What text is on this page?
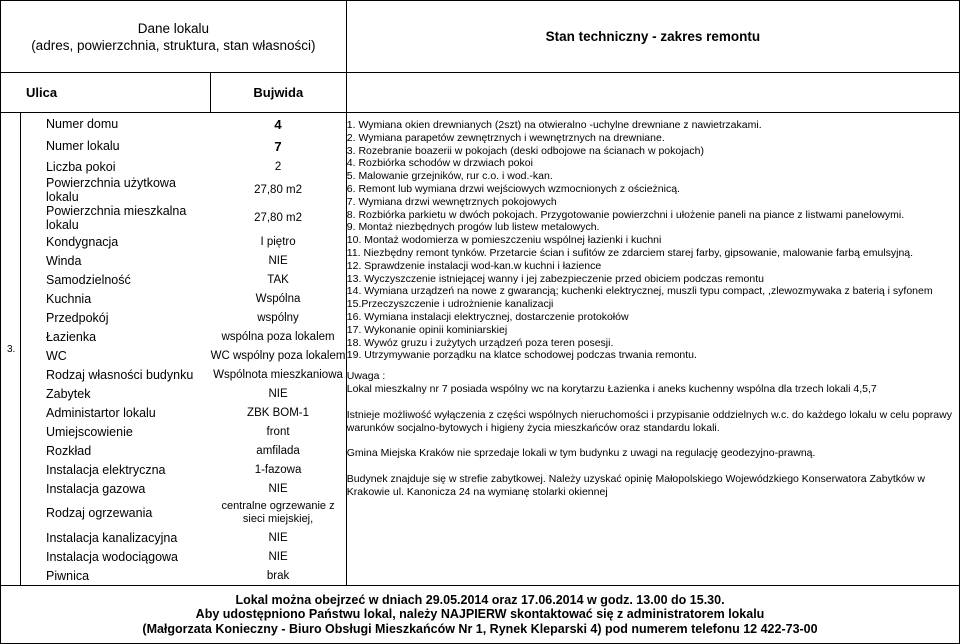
Dane lokalu
(adres, powierzchnia, struktura, stan własności)

Stan techniczny - zakres remontu

Ulica	Bujwida	
3.	
Numer domu	4
Numer lokalu	7
Liczba pokoi	2
Powierzchnia użytkowa lokalu	27,80 m2
Powierzchnia mieszkalna lokalu	27,80 m2
Kondygnacja	I piętro
Winda	NIE
Samodzielność	TAK
Kuchnia	Wspólna
Przedpokój	wspólny
Łazienka	wspólna poza lokalem
WC	WC wspólny poza lokalem
Rodzaj własności budynku	Wspólnota mieszkaniowa
Zabytek	NIE
Administartor lokalu	ZBK BOM-1
Umiejscowienie	front
Rozkład	amfilada
Instalacja elektryczna	1-fazowa
Instalacja gazowa	NIE
Rodzaj ogrzewania	centralne ogrzewanie z sieci miejskiej,
Instalacja kanalizacyjna	NIE
Instalacja wodociągowa	NIE
Piwnica	brak

1. Wymiana okien drewnianych (2szt) na otwieralno -uchylne drewniane z nawietrzakami.
2. Wymiana parapetów zewnętrznych i wewnętrznych na drewniane.
3. Rozebranie boazerii w pokojach (deski odbojowe na ścianach w pokojach)
4. Rozbiórka schodów w drzwiach pokoi
5. Malowanie grzejników, rur c.o. i wod.-kan.
6. Remont lub wymiana drzwi wejściowych wzmocnionych z ościeżnicą.
7. Wymiana drzwi wewnętrznych pokojowych
8. Rozbiórka parkietu w dwóch pokojach. Przygotowanie powierzchni i ułożenie paneli na piance z listwami panelowymi.
9. Montaż niezbędnych progów lub listew metalowych.
10. Montaż wodomierza w pomieszczeniu wspólnej łazienki i kuchni
11. Niezbędny remont tynków. Przetarcie ścian i sufitów ze zdarciem starej farby, gipsowanie, malowanie farbą emulsyjną.
12. Sprawdzenie instalacji wod-kan.w kuchni i łazience
13. Wyczyszczenie istniejącej wanny i jej zabezpieczenie przed obiciem podczas remontu
14. Wymiana urządzeń na nowe z gwarancją; kuchenki elektrycznej, muszli typu compact, ,zlewozmywaka z baterią i syfonem
15.Przeczyszczenie i udrożnienie kanalizacji
16. Wymiana instalacji elektrycznej, dostarczenie protokołów
17. Wykonanie opinii kominiarskiej
18. Wywóz gruzu i zużytych urządzeń poza teren posesji.
19. Utrzymywanie porządku na klatce schodowej podczas trwania remontu.
Uwaga :
Lokal mieszkalny nr 7 posiada wspólny wc na korytarzu Łazienka i aneks kuchenny wspólna dla trzech lokali 4,5,7
Istnieje możliwość wyłączenia z części wspólnych nieruchomości i przypisanie oddzielnych w.c. do każdego lokalu w celu poprawy warunków socjalno-bytowych i higieny życia mieszkańców oraz standardu lokali.
Gmina Miejska Kraków nie sprzedaje lokali w tym budynku z uwagi na regulację geodezyjno-prawną.
Budynek znajduje się w strefie zabytkowej. Należy uzyskać opinię Małopolskiego Wojewódzkiego Konserwatora Zabytków w Krakowie ul. Kanonicza 24 na wymianę stolarki okiennej

Lokal można obejrzeć w dniach 29.05.2014 oraz 17.06.2014 w godz. 13.00 do 15.30.
Aby udostępniono Państwu lokal, należy NAJPIERW skontaktować się z administratorem lokalu
(Małgorzata Konieczny - Biuro Obsługi Mieszkańców Nr 1, Rynek Kleparski 4) pod numerem telefonu 12 422-73-00
